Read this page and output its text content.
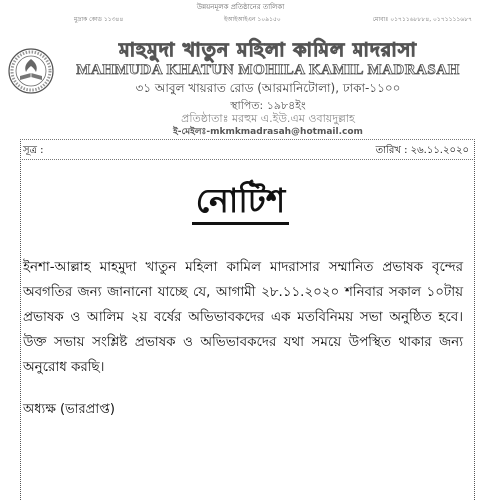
উন্নয়নমূলক প্রতিষ্ঠানের তালিকা
মুদ্রাক কোড ১১৩৪৪	ইআইআইএন ১০৯১৫০	মোবাঃ ০১৭১১৬৮৮৮৪, ০১৭১১১১৬৮৭
মাহমুদা খাতুন মহিলা কামিল মাদরাসা
MAHMUDA KHATUN MOHILA KAMIL MADRASAH
৩১ আবুল খায়রাত রোড (আরমানিটোলা), ঢাকা-১১০০
স্থাপিত: ১৯৮৪ইং
প্রতিষ্ঠাতাঃ মরহুম এ.ইউ.এম ওবায়দুল্লাহ
ই-মেইলঃ-mkmkmadrasah@hotmail.com
সূত্র :	তারিখ : ২৬.১১.২০২০
নোটিশ
ইনশা-আল্লাহ মাহমুদা খাতুন মহিলা কামিল মাদরাসার সম্মানিত প্রভাষক বৃন্দের অবগতির জন্য জানানো যাচ্ছে যে, আগামী ২৮.১১.২০২০ শনিবার সকাল ১০টায় প্রভাষক ও আলিম ২য় বর্ষের অভিভাবকদের এক মতবিনিময় সভা অনুষ্ঠিত হবে। উক্ত সভায় সংশ্লিষ্ট প্রভাষক ও অভিভাবকদের যথা সময়ে উপস্থিত থাকার জন্য অনুরোধ করছি।
অধ্যক্ষ (ভারপ্রাপ্ত)
